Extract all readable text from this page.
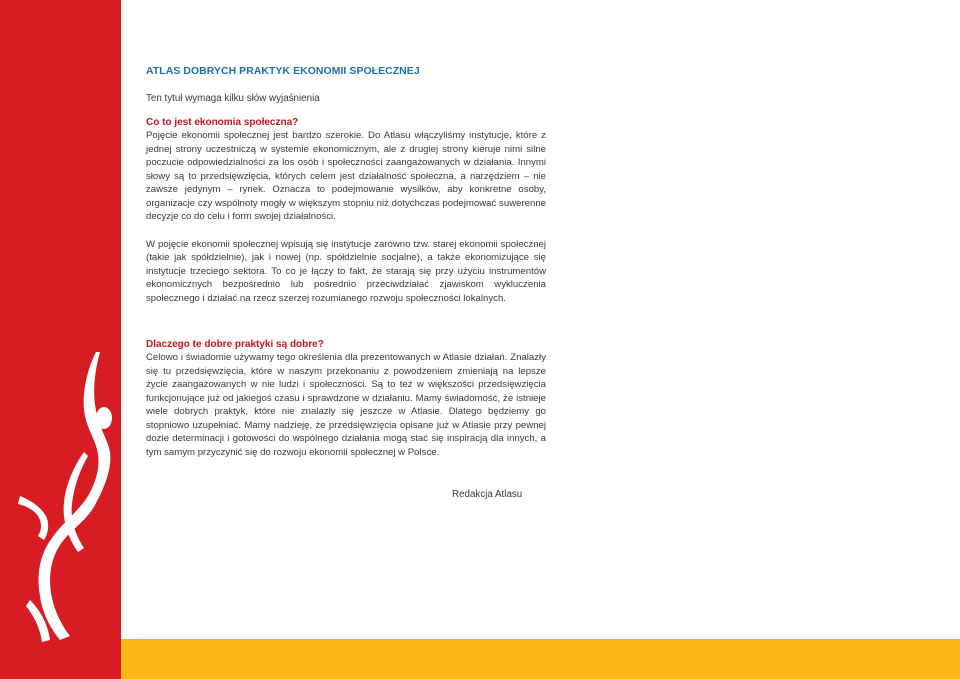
ATLAS DOBRYCH PRAKTYK EKONOMII SPOŁECZNEJ

Ten tytuł wymaga kilku słów wyjaśnienia

Co to jest ekonomia społeczna?

Pojęcie ekonomii społecznej jest bardzo szerokie. Do Atlasu włączyliśmy instytucje, które z jednej strony uczestniczą w systemie ekonomicznym, ale z drugiej strony kieruje nimi silne poczucie odpowiedzialności za los osób i społeczności zaangażowanych w działania. Innymi słowy są to przedsięwzięcia, których celem jest działalność społeczna, a narzędziem – nie zawsze jedynym – rynek. Oznacza to podejmowanie wysiłków, aby konkretne osoby, organizacje czy wspólnoty mogły w większym stopniu niż dotychczas podejmować suwerenne decyzje co do celu i form swojej działalności.

W pojęcie ekonomii społecznej wpisują się instytucje zarówno tzw. starej ekonomii społecznej (takie jak spółdzielnie), jak i nowej (np. spółdzielnie socjalne), a także ekonomizujące się instytucje trzeciego sektora. To co je łączy to fakt, że starają się przy użyciu instrumentów ekonomicznych bezpośrednio lub pośrednio przeciwdziałać zjawiskom wykluczenia społecznego i działać na rzecz szerzej rozumianego rozwoju społeczności lokalnych.

Dlaczego te dobre praktyki są dobre?

Celowo i świadomie używamy tego określenia dla prezentowanych w Atlasie działań. Znalazły się tu przedsięwzięcia, które w naszym przekonaniu z powodzeniem zmieniają na lepsze życie zaangażowanych w nie ludzi i społeczności. Są to też w większości przedsięwzięcia funkcjonujące już od jakiegoś czasu i sprawdzone w działaniu. Mamy świadomość, że istnieje wiele dobrych praktyk, które nie znalazły się jeszcze w Atlasie. Dlatego będziemy go stopniowo uzupełniać. Mamy nadzieję, że przedsięwzięcia opisane już w Atlasie przy pewnej dozie determinacji i gotowości do wspólnego działania mogą stać się inspiracją dla innych, a tym samym przyczynić się do rozwoju ekonomii społecznej w Polsce.

Redakcja Atlasu
